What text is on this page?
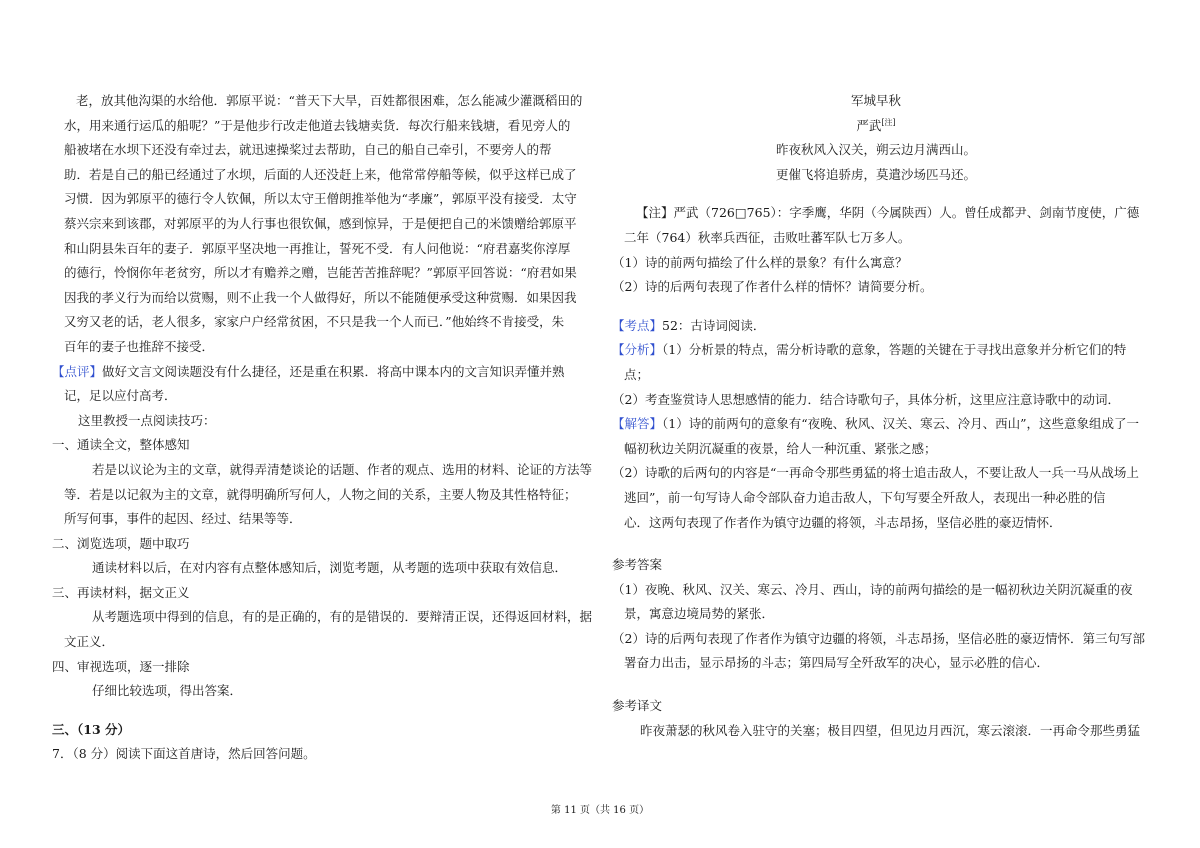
老，放其他沟渠的水给他．郭原平说：“普天下大旱，百姓都很困难，怎么能减少灌溉稻田的

水，用来通行运瓜的船呢？”于是他步行改走他道去钱塘卖货．每次行船来钱塘，看见旁人的

船被堵在水坝下还没有牵过去，就迅速操桨过去帮助，自己的船自己牵引，不要旁人的帮

助．若是自己的船已经通过了水坝，后面的人还没赶上来，他常常停船等候，似乎这样已成了

习惯．因为郭原平的德行令人钦佩，所以太守王僧朗推举他为“孝廉”，郭原平没有接受．太守

蔡兴宗来到该郡，对郭原平的为人行事也很钦佩，感到惊异，于是便把自己的米馈赠给郭原平

和山阴县朱百年的妻子．郭原平坚决地一再推让，誓死不受．有人问他说：“府君嘉奖你淳厚

的德行，怜悯你年老贫穷，所以才有赡养之赠，岂能苦苦推辞呢？”郭原平回答说：“府君如果

因我的孝义行为而给以赏赐，则不止我一个人做得好，所以不能随便承受这种赏赐．如果因我

又穷又老的话，老人很多，家家户户经常贫困，不只是我一个人而已．”他始终不肯接受，朱

百年的妻子也推辞不接受．

【点评】做好文言文阅读题没有什么捷径，还是重在积累．将高中课本内的文言知识弄懂并熟

记，足以应付高考．

这里教授一点阅读技巧：

一、通读全文，整体感知

若是以议论为主的文章，就得弄清楚谈论的话题、作者的观点、选用的材料、论证的方法等

等．若是以记叙为主的文章，就得明确所写何人，人物之间的关系，主要人物及其性格特征；

所写何事，事件的起因、经过、结果等等．

二、浏览选项，题中取巧

通读材料以后，在对内容有点整体感知后，浏览考题，从考题的选项中获取有效信息．

三、再读材料，据文正义

从考题选项中得到的信息，有的是正确的，有的是错误的．要辩清正误，还得返回材料，据

文正义．

四、审视选项，逐一排除

仔细比较选项，得出答案．

三、（13 分）

7．（8 分）阅读下面这首唐诗，然后回答问题。

军城早秋

严武[注]

昨夜秋风入汉关，朔云边月满西山。

更催飞将追骄虏，莫遣沙场匹马还。

【注】严武（726□765）：字季鹰，华阴（今属陕西）人。曾任成都尹、剑南节度使，广德

二年（764）秋率兵西征，击败吐蕃军队七万多人。

（1）诗的前两句描绘了什么样的景象？有什么寓意？

（2）诗的后两句表现了作者什么样的情怀？请简要分析。

【考点】52：古诗词阅读．

【分析】（1）分析景的特点，需分析诗歌的意象，答题的关键在于寻找出意象并分析它们的特

点；

（2）考查鉴赏诗人思想感情的能力．结合诗歌句子，具体分析，这里应注意诗歌中的动词．

【解答】（1）诗的前两句的意象有“夜晚、秋风、汉关、寒云、冷月、西山”，这些意象组成了一

幅初秋边关阴沉凝重的夜景，给人一种沉重、紧张之感；

（2）诗歌的后两句的内容是“一再命令那些勇猛的将士追击敌人，不要让敌人一兵一马从战场上

逃回”，前一句写诗人命令部队奋力追击敌人，下句写要全歼敌人，表现出一种必胜的信

心．这两句表现了作者作为镇守边疆的将领，斗志昂扬，坚信必胜的豪迈情怀．

参考答案

（1）夜晚、秋风、汉关、寒云、冷月、西山，诗的前两句描绘的是一幅初秋边关阴沉凝重的夜

景，寓意边境局势的紧张．

（2）诗的后两句表现了作者作为镇守边疆的将领，斗志昂扬，坚信必胜的豪迈情怀．第三句写部

署奋力出击，显示昂扬的斗志；第四局写全歼敌军的决心，显示必胜的信心．

参考译文

昨夜萧瑟的秋风卷入驻守的关塞；极目四望，但见边月西沉，寒云滚滚．一再命令那些勇猛

第 11 页（共 16 页）
